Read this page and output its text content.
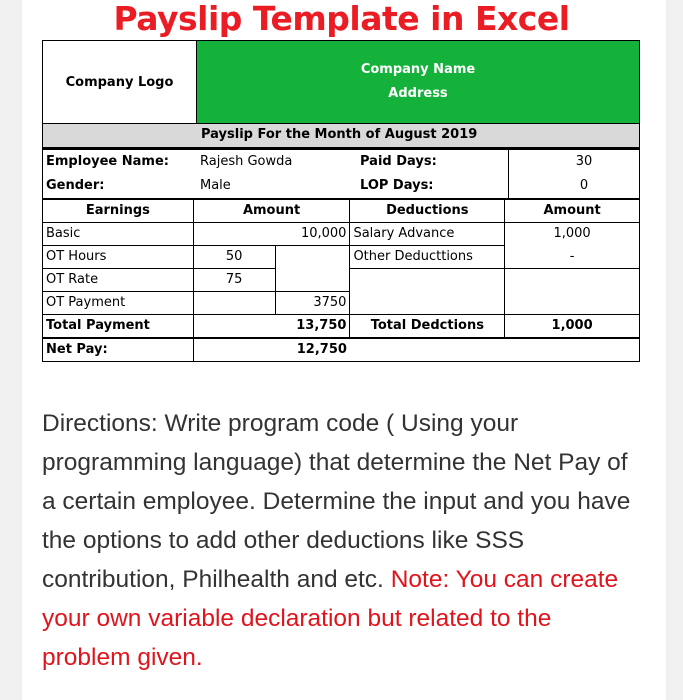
Payslip Template in Excel
Company Logo
Company Name
Address
Payslip For the Month of August 2019
Employee Name:	Rajesh Gowda	Paid Days:	30
Gender:	Male	LOP Days:	0
Earnings	Amount		Deductions	Amount
Basic		10,000	Salary Advance	1,000
OT Hours	50		Other Deducttions	-
OT Rate	75			
OT Payment		3750		
Total Payment		13,750	Total Dedctions	1,000
Net Pay:		12,750		
Directions: Write program code ( Using your programming language) that determine the Net Pay of a certain employee. Determine the input and you have the options to add other deductions like SSS contribution, Philhealth and etc. Note: You can create your own variable declaration but related to the problem given.
